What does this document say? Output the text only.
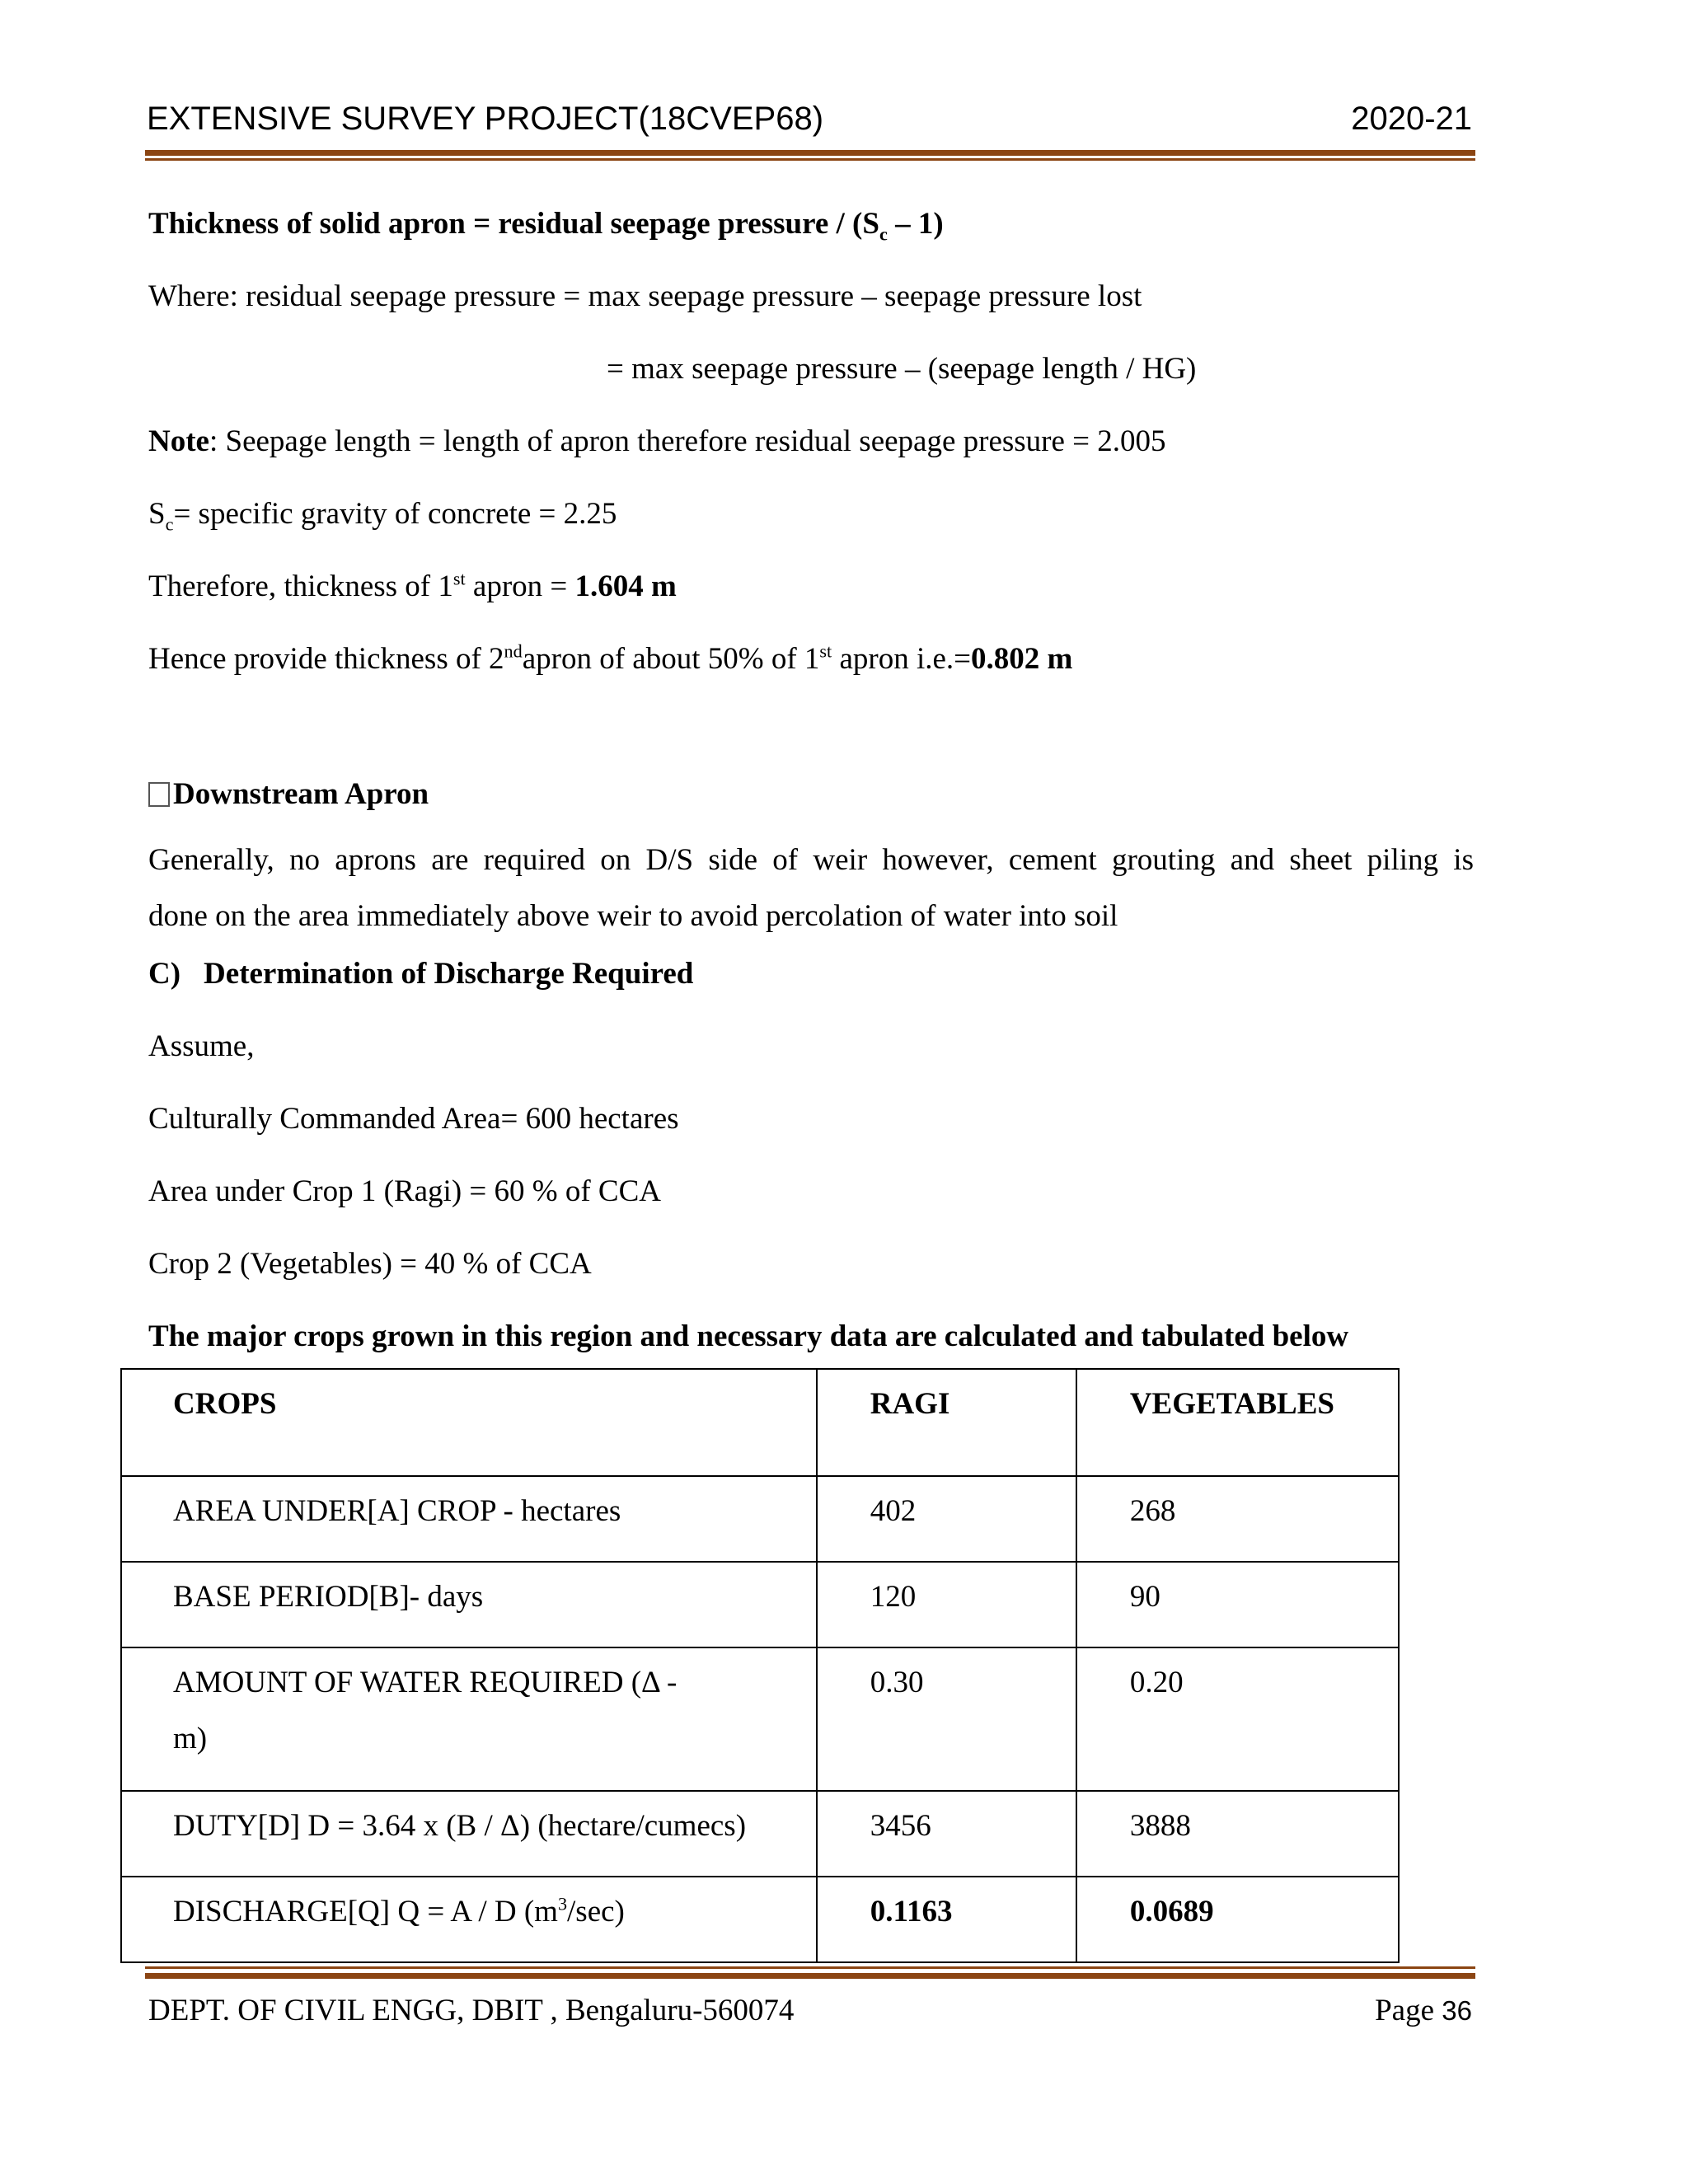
EXTENSIVE SURVEY PROJECT(18CVEP68)	2020-21
Thickness of solid apron = residual seepage pressure / $(S_c - 1)$
Where: residual seepage pressure = max seepage pressure – seepage pressure lost
= max seepage pressure – (seepage length / HG)
Note: Seepage length = length of apron therefore residual seepage pressure = 2.005
$S_c=$ specific gravity of concrete = 2.25
Therefore, thickness of 1st apron = 1.604 m
Hence provide thickness of 2ndapron of about 50% of 1st apron i.e.=0.802 m
Downstream Apron
Generally, no aprons are required on D/S side of weir however, cement grouting and sheet piling is
done on the area immediately above weir to avoid percolation of water into soil
C) Determination of Discharge Required
Assume,
Culturally Commanded Area= 600 hectares
Area under Crop 1 (Ragi) = 60 % of CCA
Crop 2 (Vegetables) = 40 % of CCA
The major crops grown in this region and necessary data are calculated and tabulated below
CROPS	RAGI	VEGETABLES
AREA UNDER[A] CROP - hectares	402	268
BASE PERIOD[B]- days	120	90
AMOUNT OF WATER REQUIRED (Δ -
m)	0.30	0.20
DUTY[D] D = 3.64 x (B / Δ) (hectare/cumecs)	3456	3888
DISCHARGE[Q] Q = A / D $(m^3/\sec)$	0.1163	0.0689
DEPT. OF CIVIL ENGG, DBIT , Bengaluru-560074	Page 36
